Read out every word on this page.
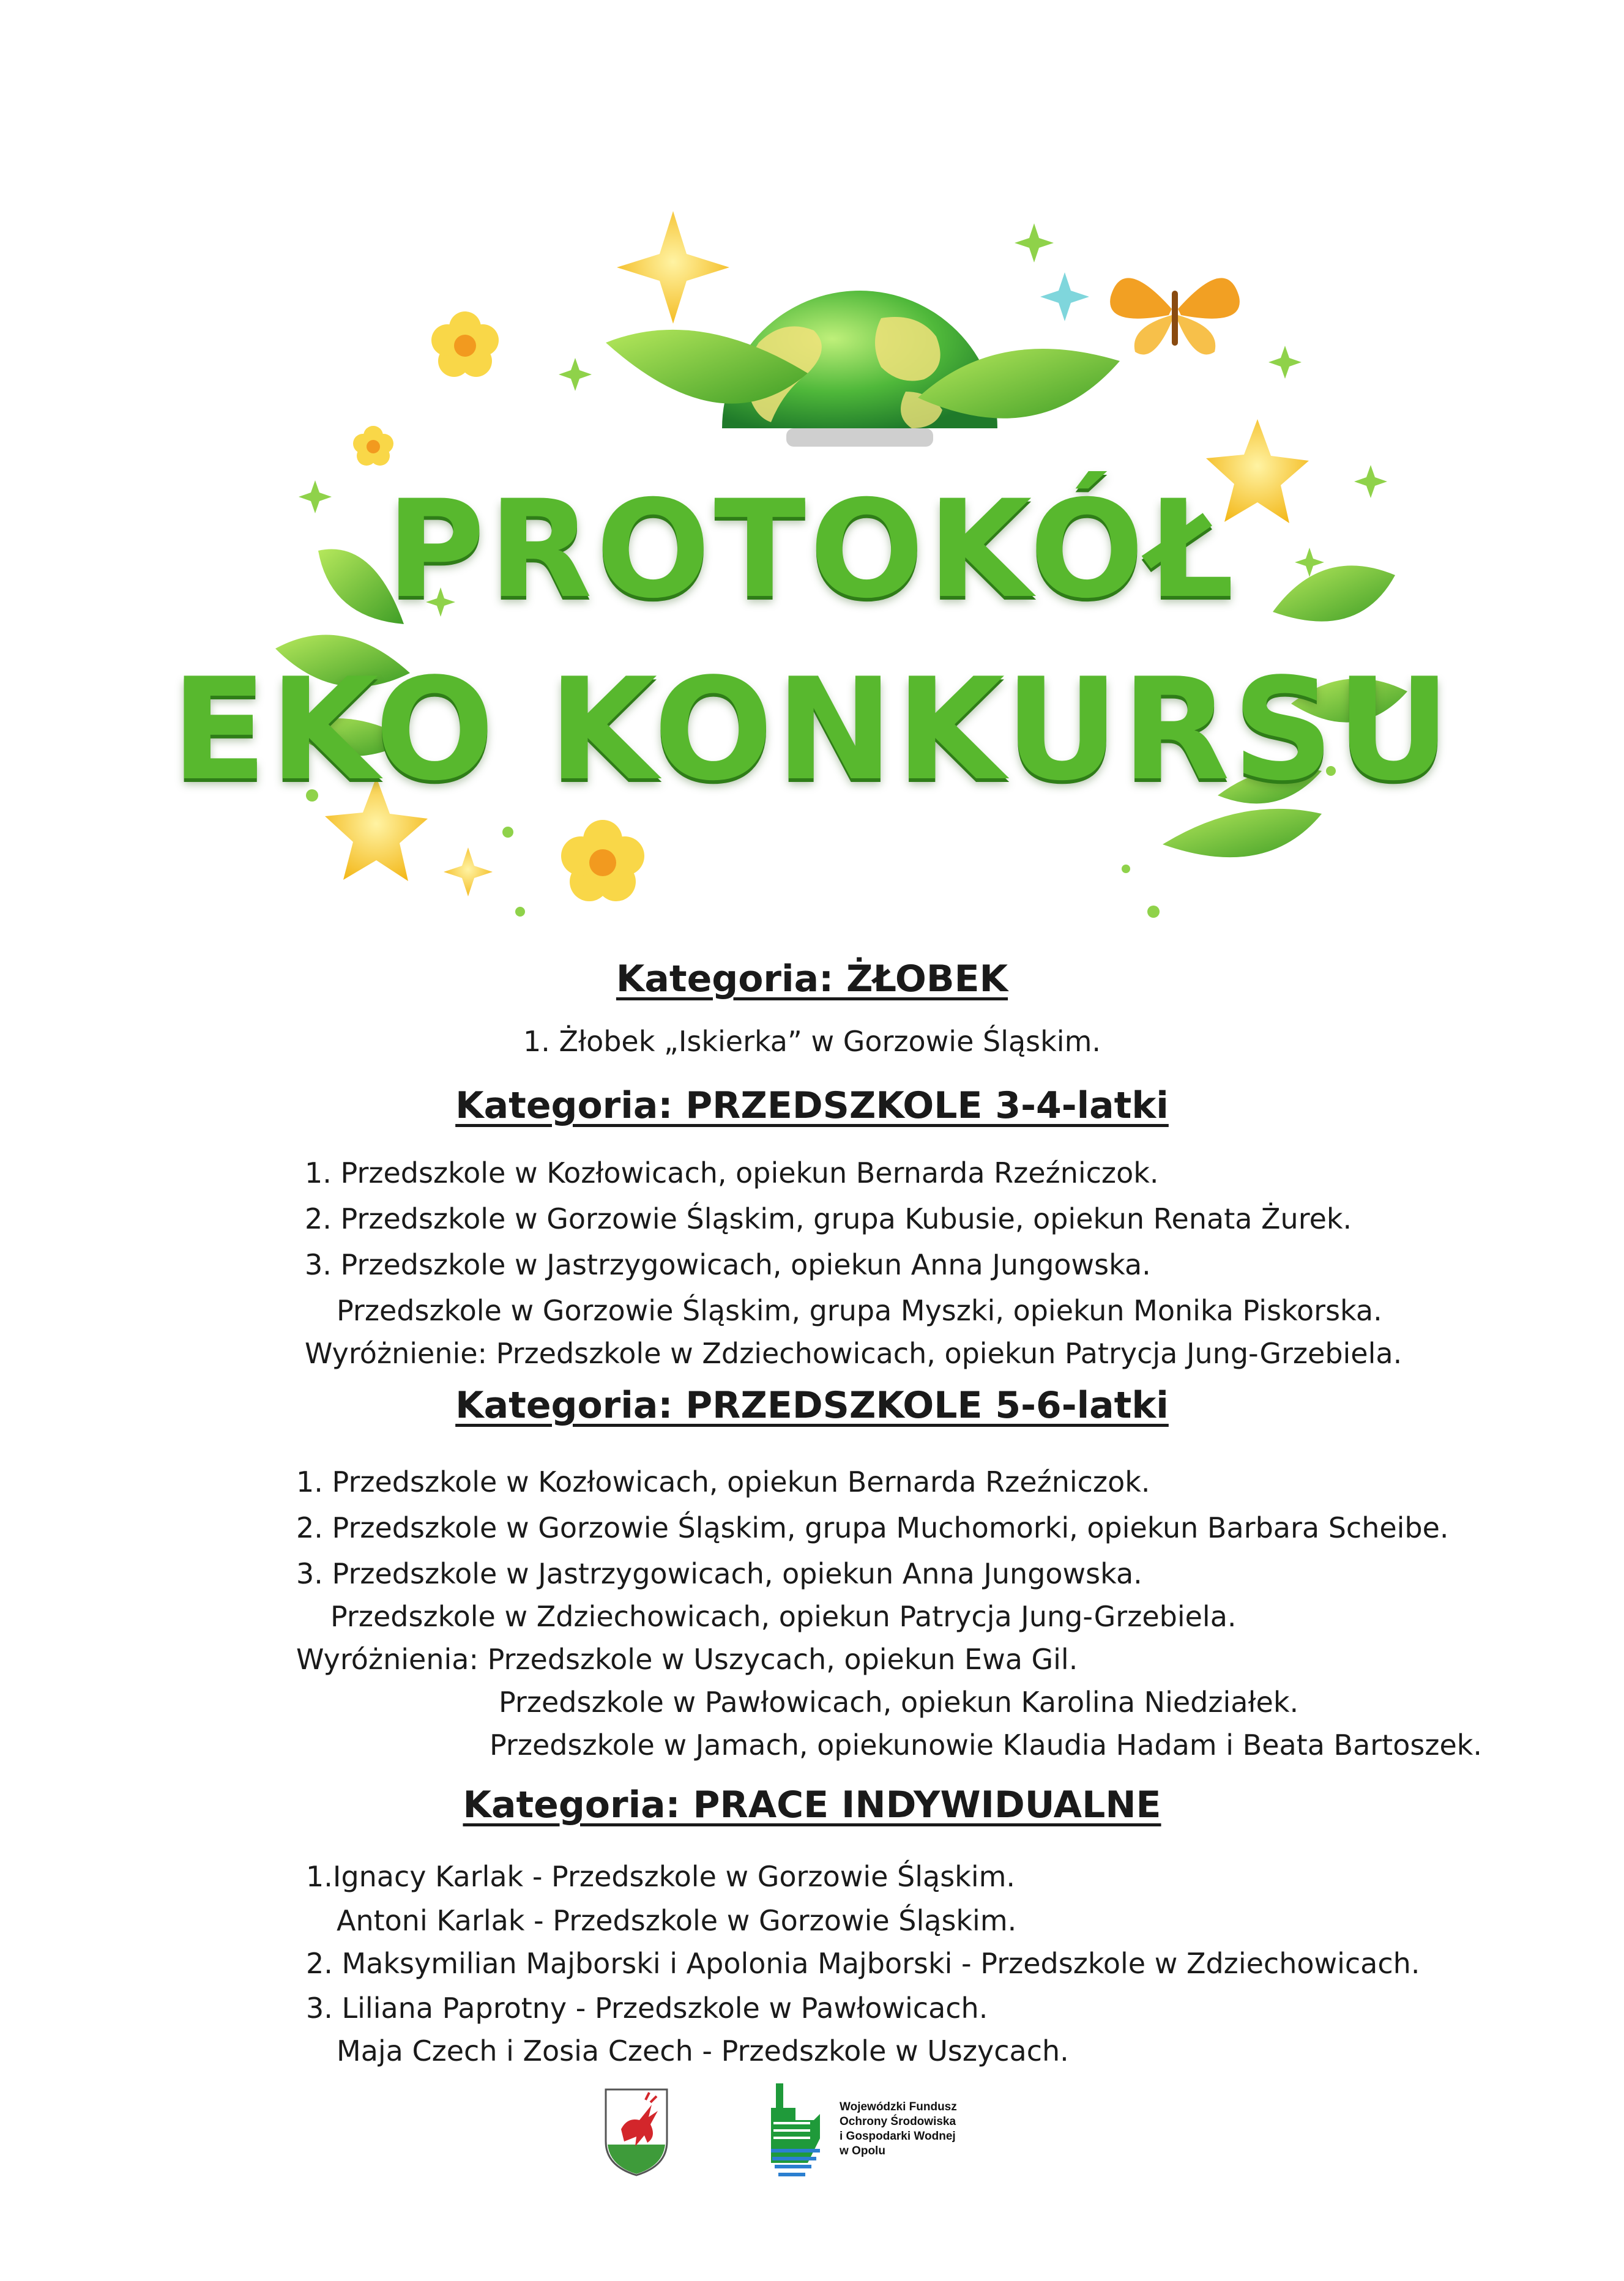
PROTOKÓŁ
EKO KONKURSU
Kategoria: ŻŁOBEK
1. Żłobek „Iskierka” w Gorzowie Śląskim.
Kategoria: PRZEDSZKOLE 3-4-latki
1. Przedszkole w Kozłowicach, opiekun Bernarda Rzeźniczok.
2. Przedszkole w Gorzowie Śląskim, grupa Kubusie, opiekun Renata Żurek.
3. Przedszkole w Jastrzygowicach, opiekun Anna Jungowska.
Przedszkole w Gorzowie Śląskim, grupa Myszki, opiekun Monika Piskorska.
Wyróżnienie: Przedszkole w Zdziechowicach, opiekun Patrycja Jung-Grzebiela.
Kategoria: PRZEDSZKOLE 5-6-latki
1. Przedszkole w Kozłowicach, opiekun Bernarda Rzeźniczok.
2. Przedszkole w Gorzowie Śląskim, grupa Muchomorki, opiekun Barbara Scheibe.
3. Przedszkole w Jastrzygowicach, opiekun Anna Jungowska.
Przedszkole w Zdziechowicach, opiekun Patrycja Jung-Grzebiela.
Wyróżnienia: Przedszkole w Uszycach, opiekun Ewa Gil.
Przedszkole w Pawłowicach, opiekun Karolina Niedziałek.
Przedszkole w Jamach, opiekunowie Klaudia Hadam i Beata Bartoszek.
Kategoria: PRACE INDYWIDUALNE
1.Ignacy Karlak - Przedszkole w Gorzowie Śląskim.
Antoni Karlak - Przedszkole w Gorzowie Śląskim.
2. Maksymilian Majborski i Apolonia Majborski - Przedszkole w Zdziechowicach.
3. Liliana Paprotny - Przedszkole w Pawłowicach.
Maja Czech i Zosia Czech - Przedszkole w Uszycach.
Wojewódzki Fundusz
Ochrony Środowiska
i Gospodarki Wodnej
w Opolu
